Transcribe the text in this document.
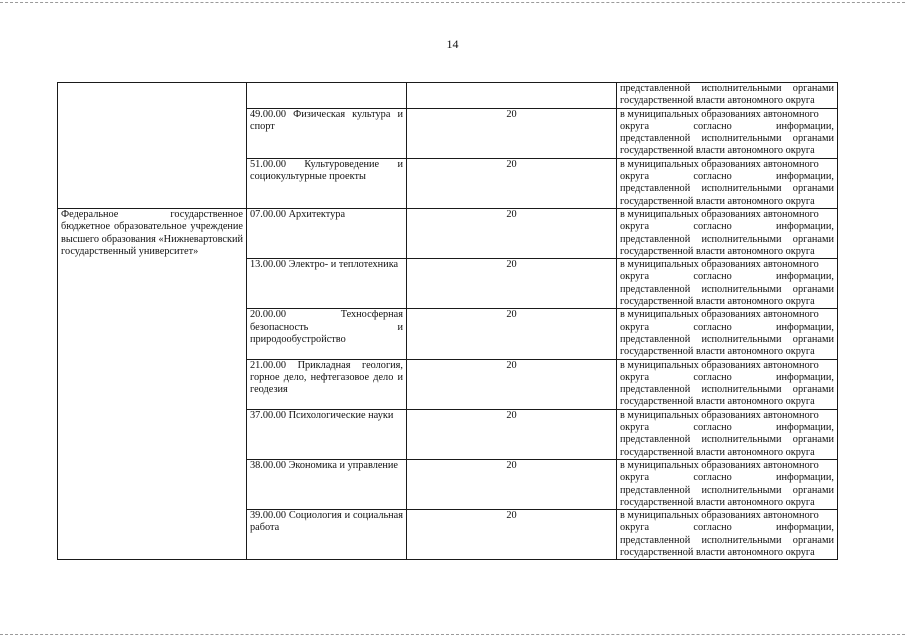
14

			представленной исполнительными органами
государственной власти автономного округа

	49.00.00 Физическая культура и спорт	20	в муниципальных образованиях автономного
округа согласно информации,
представленной исполнительными органами
государственной власти автономного округа

	51.00.00 Культуроведение и социокультурные проекты	20	в муниципальных образованиях автономного
округа согласно информации,
представленной исполнительными органами
государственной власти автономного округа

Федеральное государственное бюджетное образовательное учреждение высшего образования «Нижневартовский государственный университет»	07.00.00 Архитектура	20	в муниципальных образованиях автономного
округа согласно информации,
представленной исполнительными органами
государственной власти автономного округа

	13.00.00 Электро- и теплотехника	20	в муниципальных образованиях автономного
округа согласно информации,
представленной исполнительными органами
государственной власти автономного округа

	20.00.00 Техносферная безопасность и природообустройство	20	в муниципальных образованиях автономного
округа согласно информации,
представленной исполнительными органами
государственной власти автономного округа

	21.00.00 Прикладная геология, горное дело, нефтегазовое дело и геодезия	20	в муниципальных образованиях автономного
округа согласно информации,
представленной исполнительными органами
государственной власти автономного округа

	37.00.00 Психологические науки	20	в муниципальных образованиях автономного
округа согласно информации,
представленной исполнительными органами
государственной власти автономного округа

	38.00.00 Экономика и управление	20	в муниципальных образованиях автономного
округа согласно информации,
представленной исполнительными органами
государственной власти автономного округа

	39.00.00 Социология и социальная работа	20	в муниципальных образованиях автономного
округа согласно информации,
представленной исполнительными органами
государственной власти автономного округа
